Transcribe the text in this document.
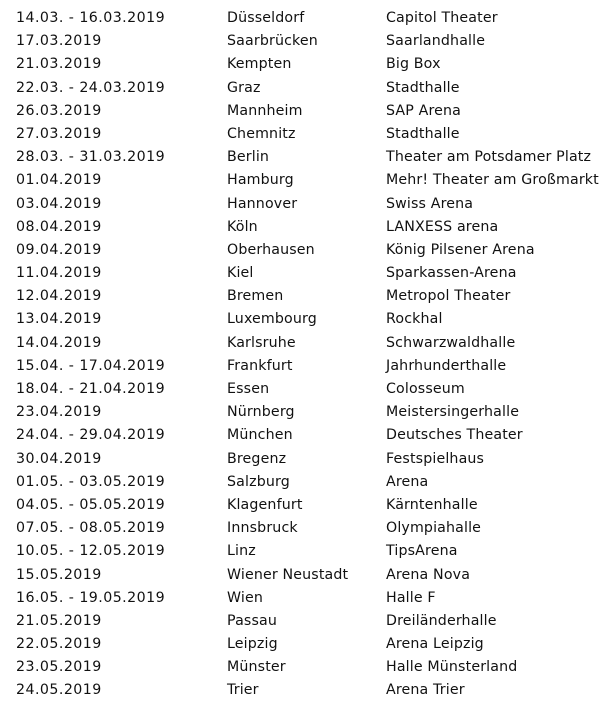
14.03. - 16.03.2019	Düsseldorf	Capitol Theater
17.03.2019	Saarbrücken	Saarlandhalle
21.03.2019	Kempten	Big Box
22.03. - 24.03.2019	Graz	Stadthalle
26.03.2019	Mannheim	SAP Arena
27.03.2019	Chemnitz	Stadthalle
28.03. - 31.03.2019	Berlin	Theater am Potsdamer Platz
01.04.2019	Hamburg	Mehr! Theater am Großmarkt
03.04.2019	Hannover	Swiss Arena
08.04.2019	Köln	LANXESS arena
09.04.2019	Oberhausen	König Pilsener Arena
11.04.2019	Kiel	Sparkassen-Arena
12.04.2019	Bremen	Metropol Theater
13.04.2019	Luxembourg	Rockhal
14.04.2019	Karlsruhe	Schwarzwaldhalle
15.04. - 17.04.2019	Frankfurt	Jahrhunderthalle
18.04. - 21.04.2019	Essen	Colosseum
23.04.2019	Nürnberg	Meistersingerhalle
24.04. - 29.04.2019	München	Deutsches Theater
30.04.2019	Bregenz	Festspielhaus
01.05. - 03.05.2019	Salzburg	Arena
04.05. - 05.05.2019	Klagenfurt	Kärntenhalle
07.05. - 08.05.2019	Innsbruck	Olympiahalle
10.05. - 12.05.2019	Linz	TipsArena
15.05.2019	Wiener Neustadt	Arena Nova
16.05. - 19.05.2019	Wien	Halle F
21.05.2019	Passau	Dreiländerhalle
22.05.2019	Leipzig	Arena Leipzig
23.05.2019	Münster	Halle Münsterland
24.05.2019	Trier	Arena Trier
